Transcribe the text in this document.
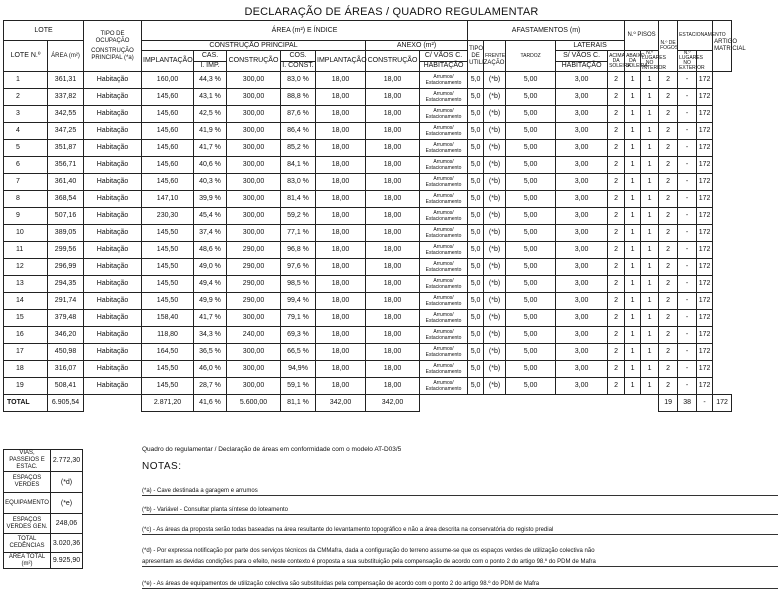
DECLARAÇÃO DE ÁREAS / QUADRO REGULAMENTAR
LOTE		TIPO DE OCUPAÇÃO
CONSTRUÇÃO PRINCIPAL (*a)	ÁREA (m²) E ÍNDICE							AFASTAMENTOS (m)					N.º PISOS		N.º DE FOGOS	ESTACIONAMENTO		ARTIGO MATRICIAL
LOTE N.º	ÁREA (m²)		CONSTRUÇÃO PRINCIPAL					ANEXO (m²)		TIPO DE UTILIZAÇÃO	FRENTE	TARDOZ	LATERAIS							
			IMPLANTAÇÃO	CAS.	CONSTRUÇÃO	COS.	IMPLANTAÇÃO	CONSTRUÇÃO	C/ VÃOS C.				S/ VÃOS C.	ACIMA DA SOLEIRA	ABAIXO DA SOLEIRA	N.º LUGARES NO INTERIOR		N.º LUGARES NO EXTERIOR		
				I. IMP.		I. CONST.			HABITAÇÃO				HABITAÇÃO							
1	361,31	Habitação	160,00	44,3 %	300,00	83,0 %	18,00	18,00	Arrumos/ Estacionamento	5,0	(*b)	5,00	3,00	2	1	1	2	-	172	
2	337,82	Habitação	145,60	43,1 %	300,00	88,8 %	18,00	18,00	Arrumos/ Estacionamento	5,0	(*b)	5,00	3,00	2	1	1	2	-	172	
3	342,55	Habitação	145,60	42,5 %	300,00	87,6 %	18,00	18,00	Arrumos/ Estacionamento	5,0	(*b)	5,00	3,00	2	1	1	2	-	172	
4	347,25	Habitação	145,60	41,9 %	300,00	86,4 %	18,00	18,00	Arrumos/ Estacionamento	5,0	(*b)	5,00	3,00	2	1	1	2	-	172	
5	351,87	Habitação	145,60	41,7 %	300,00	85,2 %	18,00	18,00	Arrumos/ Estacionamento	5,0	(*b)	5,00	3,00	2	1	1	2	-	172	
6	356,71	Habitação	145,60	40,6 %	300,00	84,1 %	18,00	18,00	Arrumos/ Estacionamento	5,0	(*b)	5,00	3,00	2	1	1	2	-	172	
7	361,40	Habitação	145,60	40,3 %	300,00	83,0 %	18,00	18,00	Arrumos/ Estacionamento	5,0	(*b)	5,00	3,00	2	1	1	2	-	172	
8	368,54	Habitação	147,10	39,9 %	300,00	81,4 %	18,00	18,00	Arrumos/ Estacionamento	5,0	(*b)	5,00	3,00	2	1	1	2	-	172	
9	507,16	Habitação	230,30	45,4 %	300,00	59,2 %	18,00	18,00	Arrumos/ Estacionamento	5,0	(*b)	5,00	3,00	2	1	1	2	-	172	
10	389,05	Habitação	145,50	37,4 %	300,00	77,1 %	18,00	18,00	Arrumos/ Estacionamento	5,0	(*b)	5,00	3,00	2	1	1	2	-	172	
11	299,56	Habitação	145,50	48,6 %	290,00	96,8 %	18,00	18,00	Arrumos/ Estacionamento	5,0	(*b)	5,00	3,00	2	1	1	2	-	172	
12	296,99	Habitação	145,50	49,0 %	290,00	97,6 %	18,00	18,00	Arrumos/ Estacionamento	5,0	(*b)	5,00	3,00	2	1	1	2	-	172	
13	294,35	Habitação	145,50	49,4 %	290,00	98,5 %	18,00	18,00	Arrumos/ Estacionamento	5,0	(*b)	5,00	3,00	2	1	1	2	-	172	
14	291,74	Habitação	145,50	49,9 %	290,00	99,4 %	18,00	18,00	Arrumos/ Estacionamento	5,0	(*b)	5,00	3,00	2	1	1	2	-	172	
15	379,48	Habitação	158,40	41,7 %	300,00	79,1 %	18,00	18,00	Arrumos/ Estacionamento	5,0	(*b)	5,00	3,00	2	1	1	2	-	172	
16	346,20	Habitação	118,80	34,3 %	240,00	69,3 %	18,00	18,00	Arrumos/ Estacionamento	5,0	(*b)	5,00	3,00	2	1	1	2	-	172	
17	450,98	Habitação	164,50	36,5 %	300,00	66,5 %	18,00	18,00	Arrumos/ Estacionamento	5,0	(*b)	5,00	3,00	2	1	1	2	-	172	
18	316,07	Habitação	145,50	46,0 %	300,00	94,9%	18,00	18,00	Arrumos/ Estacionamento	5,0	(*b)	5,00	3,00	2	1	1	2	-	172	
19	508,41	Habitação	145,50	28,7 %	300,00	59,1 %	18,00	18,00	Arrumos/ Estacionamento	5,0	(*b)	5,00	3,00	2	1	1	2	-	172	
TOTAL	6.905,54		2.871,20	41,6 %	5.600,00	81,1 %	342,00	342,00									19	38	-	172
VIAS, PASSEIOS E ESTAC.	2.772,30
ESPAÇOS VERDES	(*d)
EQUIPAMENTO	(*e)
ESPAÇOS VERDES GEN.	248,06
TOTAL CEDÊNCIAS	3.020,36
ÁREA TOTAL (m²)	9.925,90
Quadro do regulamentar / Declaração de áreas em conformidade com o modelo AT-D03/5
NOTAS:
(*a) - Cave destinada a garagem e arrumos
(*b) - Variável - Consultar planta síntese do loteamento
(*c) - As áreas da proposta serão todas baseadas na área resultante do levantamento topográfico e não a área descrita na conservatória do registo predial
(*d) - Por expressa notificação por parte dos serviços técnicos da CMMafra, dada a configuração do terreno assume-se que os espaços verdes de utilização colectiva não
apresentam as devidas condições para o efeito, neste contexto é proposta a sua substituição pela compensação de acordo com o ponto 2 do artigo 98.º do PDM de Mafra
(*e) - As áreas de equipamentos de utilização colectiva são substituídas pela compensação de acordo com o ponto 2 do artigo 98.º do PDM de Mafra
